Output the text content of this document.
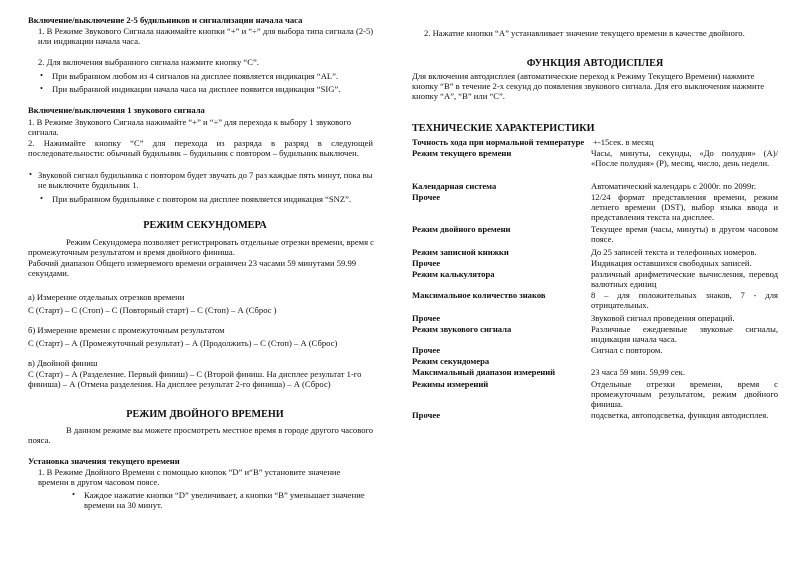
Включение/выключение 2-5 будильников и сигнализации начала часа
1. В Режиме Звукового Сигнала нажимайте кнопки “+” и “÷” для выбора типа сигнала (2-5) или индикации начала часа.
2. Для включения выбранного сигнала нажмите кнопку “С”.
• При выбранном любом из 4 сигналов на дисплее появляется индикация “AL”.
• При выбранной индикации начала часа на дисплее появится индикация “SIG”.
Включение/выключения 1 звукового сигнала
1. В Режиме Звукового Сигнала нажимайте “+” и “÷” для перехода к выбору 1 звукового сигнала.
2. Нажимайте кнопку “С” для перехода из разряда в разряд в следующей последовательности: обычный будильник – будильник с повтором – будильник выключен.
• Звуковой сигнал будильника с повтором будет звучать до 7 раз каждые пять минут, пока вы не выключите будильник 1.
• При выбранном будильнике с повтором на дисплее появляется индикация “SNZ”.
РЕЖИМ СЕКУНДОМЕРА
Режим Секундомера позволяет регистрировать отдельные отрезки времени, время с промежуточным результатом и время двойного финиша.
Рабочий диапазон Общего измеряемого времени ограничен 23 часами 59 минутами 59.99 секундами.
а) Измерение отдельных отрезков времени
С (Старт) – С (Стоп) – С (Повторный старт) – С (Стоп) – А (Сброс )
б) Измерение времени с промежуточным результатом
С (Старт) – А (Промежуточный результат) – А (Продолжить) – С (Стоп) – А (Сброс)
в) Двойной финиш
С (Старт) – А (Разделение. Первый финиш) – С (Второй финиш. На дисплее результат 1-го финиша) – А (Отмена разделения. На дисплее результат 2-го финиша) – А (Сброс)
РЕЖИМ ДВОЙНОГО ВРЕМЕНИ
В данном режиме вы можете просмотреть местное время в городе другого часового пояса.
Установка значения текущего времени
1. В Режиме Двойного Времени с помощью кнопок “D” и“В” установите значение времени в другом часовом поясе.
• Каждое нажатие кнопки “D” увеличивает, а кнопки “В” уменьшает значение времени на 30 минут.
2. Нажатие кнопки “А” устанавливает значение текущего времени в качестве двойного.
ФУНКЦИЯ АВТОДИСПЛЕЯ
Для включения автодисплея (автоматические переход к Режиму Текущего Времени) нажмите кнопку “В” в течение 2-х секунд до появления звукового сигнала. Для его выключения нажмите кнопку “А”, “В” или “С”.
ТЕХНИЧЕСКИЕ ХАРАКТЕРИСТИКИ
Точность хода при нормальной температуре +-15сек. в месяц
Режим текущего времени	Часы, минуты, секунды, «До полудня» (А)/ «После полудня» (Р), месяц, число, день недели.
Календарная система	Автоматический календарь с 2000г. по 2099г.
Прочее	12/24 формат представления времени, режим летнего времени (DST), выбор языка ввода и представления текста на дисплее.
Режим двойного времени	Текущее время (часы, минуты) в другом часовом поясе.
Режим записной книжки	До 25 записей текста и телефонных номеров.
Прочее	Индикация оставшихся свободных записей.
Режим калькулятора	различный арифметические вычисления, перевод валютных единиц
Максимальное количество знаков	8 – для положительных знаков, 7 - для отрицательных.
Прочее	Звуковой сигнал проведения операций.
Режим звукового сигнала	Различные ежедневные звуковые сигналы, индикация начала часа.
Прочее	Сигнал с повтором.
Режим секундомера
Максимальный диапазон измерений	23 часа 59 мин. 59,99 сек.
Режимы измерений	Отдельные отрезки времени, время с промежуточным результатом, режим двойного финиша.
Прочее	подсветка, автоподсветка, функция автодисплея.
